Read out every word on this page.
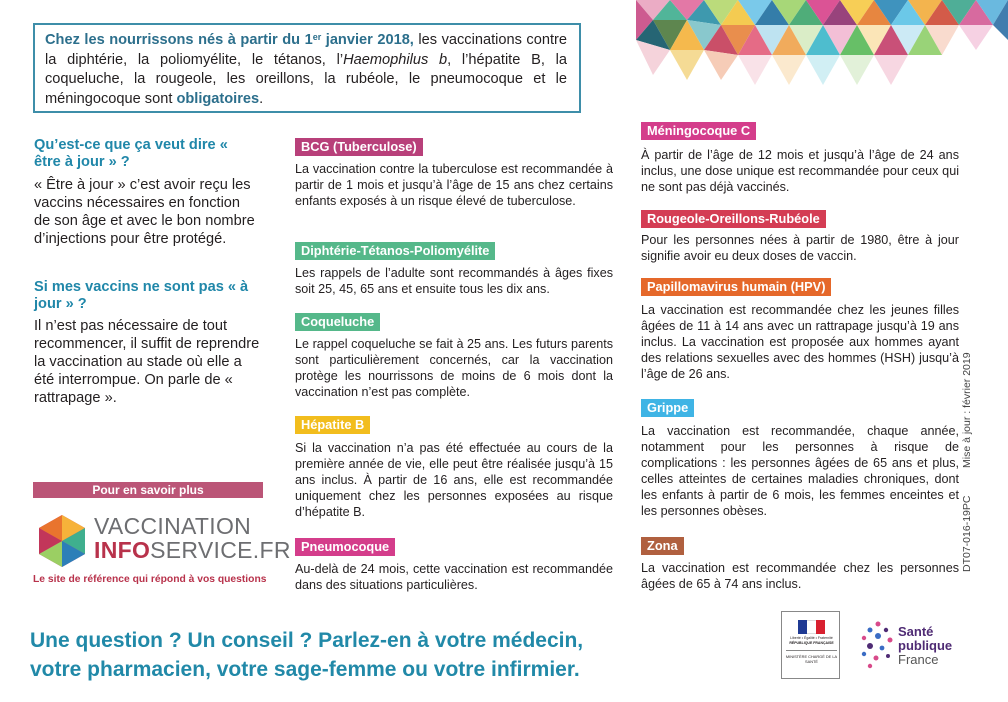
Chez les nourrissons nés à partir du 1er janvier 2018, les vaccinations contre la diphtérie, la poliomyélite, le tétanos, l’Haemophilus b, l’hépatite B, la coqueluche, la rougeole, les oreillons, la rubéole, le pneumocoque et le méningocoque sont obligatoires.
Qu’est-ce que ça veut dire « être à jour » ?
« Être à jour » c’est avoir reçu les vaccins nécessaires en fonction de son âge et avec le bon nombre d’injections pour être protégé.
Si mes vaccins ne sont pas « à jour » ?
Il n’est pas nécessaire de tout recommencer, il suffit de reprendre la vaccination au stade où elle a été interrompue. On parle de « rattrapage ».
BCG (Tuberculose)
La vaccination contre la tuberculose est recommandée à partir de 1 mois et jusqu’à l’âge de 15 ans chez certains enfants exposés à un risque élevé de tuberculose.
Diphtérie-Tétanos-Poliomyélite
Les rappels de l’adulte sont recommandés à âges fixes soit 25, 45, 65 ans et ensuite tous les dix ans.
Coqueluche
Le rappel coqueluche se fait à 25 ans. Les futurs parents sont particulièrement concernés, car la vaccination protège les nourrissons de moins de 6 mois dont la vaccination n’est pas complète.
Hépatite B
Si la vaccination n’a pas été effectuée au cours de la première année de vie, elle peut être réalisée jusqu’à 15 ans inclus. À partir de 16 ans, elle est recommandée uniquement chez les personnes exposées au risque d’hépatite B.
Pneumocoque
Au-delà de 24 mois, cette vaccination est recommandée dans des situations particulières.
Méningocoque C
À partir de l’âge de 12 mois et jusqu’à l’âge de 24 ans inclus, une dose unique est recommandée pour ceux qui ne sont pas déjà vaccinés.
Rougeole-Oreillons-Rubéole
Pour les personnes nées à partir de 1980, être à jour signifie avoir eu deux doses de vaccin.
Papillomavirus humain (HPV)
La vaccination est recommandée chez les jeunes filles âgées de 11 à 14 ans avec un rattrapage jusqu’à 19 ans inclus. La vaccination est proposée aux hommes ayant des relations sexuelles avec des hommes (HSH) jusqu’à l’âge de 26 ans.
Grippe
La vaccination est recommandée, chaque année, notamment pour les personnes à risque de complications : les personnes âgées de 65 ans et plus, celles atteintes de certaines maladies chroniques, dont les enfants à partir de 6 mois, les femmes enceintes et les personnes obèses.
Zona
La vaccination est recommandée chez les personnes âgées de 65 à 74 ans inclus.
Pour en savoir plus
VACCINATION
INFOSERVICE.FR
Le site de référence qui répond à vos questions
Une question ? Un conseil ? Parlez-en à votre médecin,
votre pharmacien, votre sage-femme ou votre infirmier.
Liberté • Égalité • Fraternité
RÉPUBLIQUE FRANÇAISE
MINISTÈRE CHARGÉ DE LA SANTÉ
Santé
publique
France
DT07-016-19PC
Mise à jour : février 2019
